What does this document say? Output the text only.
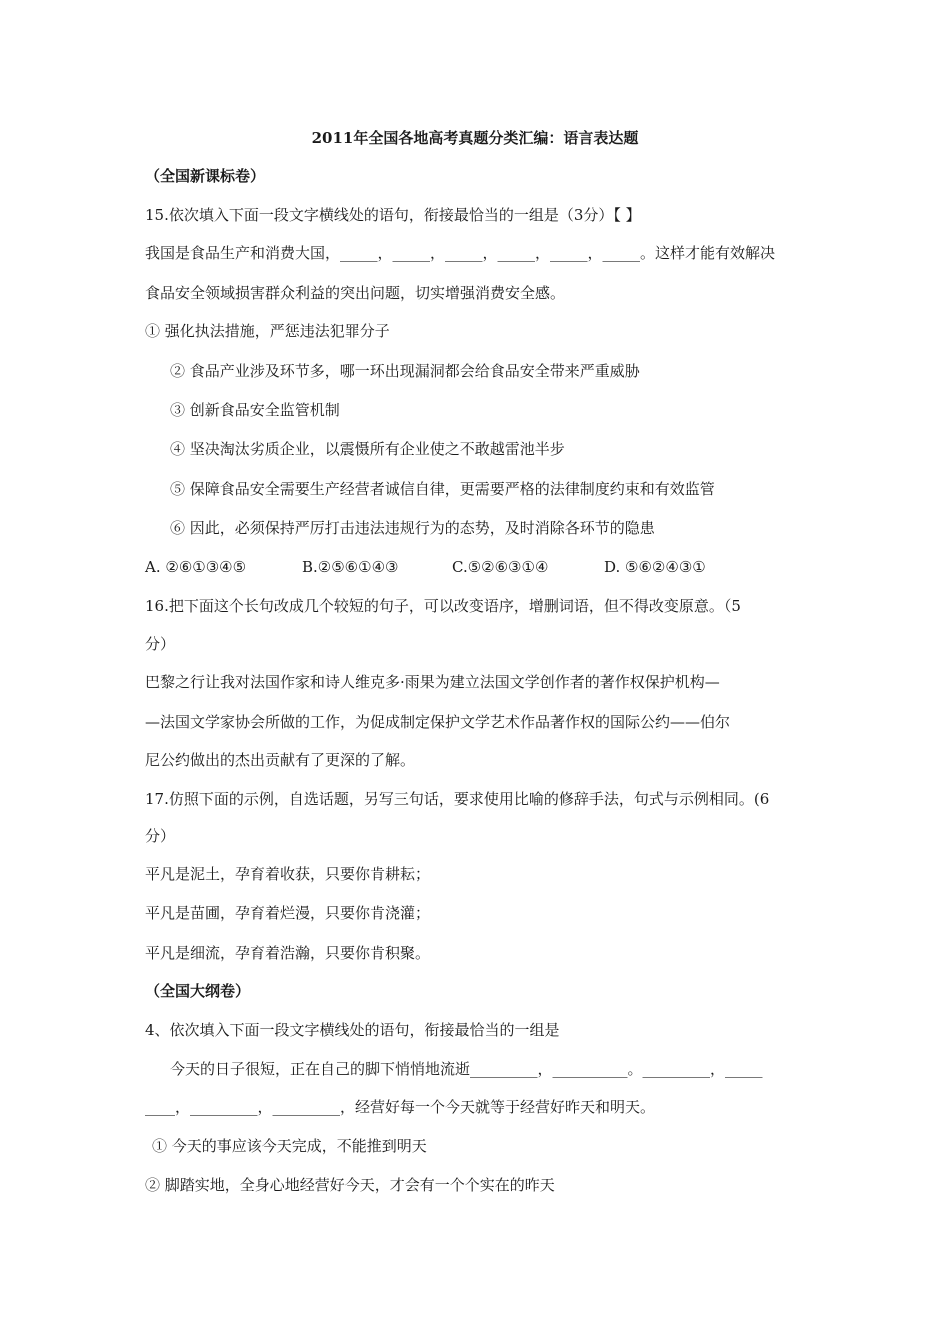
2011年全国各地高考真题分类汇编：语言表达题
（全国新课标卷）
15.依次填入下面一段文字横线处的语句，衔接最恰当的一组是（3分）【 】
我国是食品生产和消费大国，_____，_____，_____，_____，_____，_____。这样才能有效解决
食品安全领域损害群众利益的突出问题，切实增强消费安全感。
① 强化执法措施，严惩违法犯罪分子
② 食品产业涉及环节多，哪一环出现漏洞都会给食品安全带来严重威胁
③ 创新食品安全监管机制
④ 坚决淘汰劣质企业，以震慑所有企业使之不敢越雷池半步
⑤ 保障食品安全需要生产经营者诚信自律，更需要严格的法律制度约束和有效监管
⑥ 因此，必须保持严厉打击违法违规行为的态势，及时消除各环节的隐患
A. ②⑥①③④⑤	B.②⑤⑥①④③	C.⑤②⑥③①④	D. ⑤⑥②④③①
16.把下面这个长句改成几个较短的句子，可以改变语序，增删词语，但不得改变原意。（5
分）
巴黎之行让我对法国作家和诗人维克多·雨果为建立法国文学创作者的著作权保护机构—
—法国文学家协会所做的工作，为促成制定保护文学艺术作品著作权的国际公约——伯尔
尼公约做出的杰出贡献有了更深的了解。
17.仿照下面的示例，自选话题，另写三句话，要求使用比喻的修辞手法，句式与示例相同。(6
分）
平凡是泥土，孕育着收获，只要你肯耕耘；
平凡是苗圃，孕育着烂漫，只要你肯浇灌；
平凡是细流，孕育着浩瀚，只要你肯积聚。
（全国大纲卷）
4、依次填入下面一段文字横线处的语句，衔接最恰当的一组是
今天的日子很短，正在自己的脚下悄悄地流逝_________，__________。_________，_____
____，_________，_________，经营好每一个今天就等于经营好昨天和明天。
① 今天的事应该今天完成，不能推到明天
② 脚踏实地，全身心地经营好今天，才会有一个个实在的昨天
